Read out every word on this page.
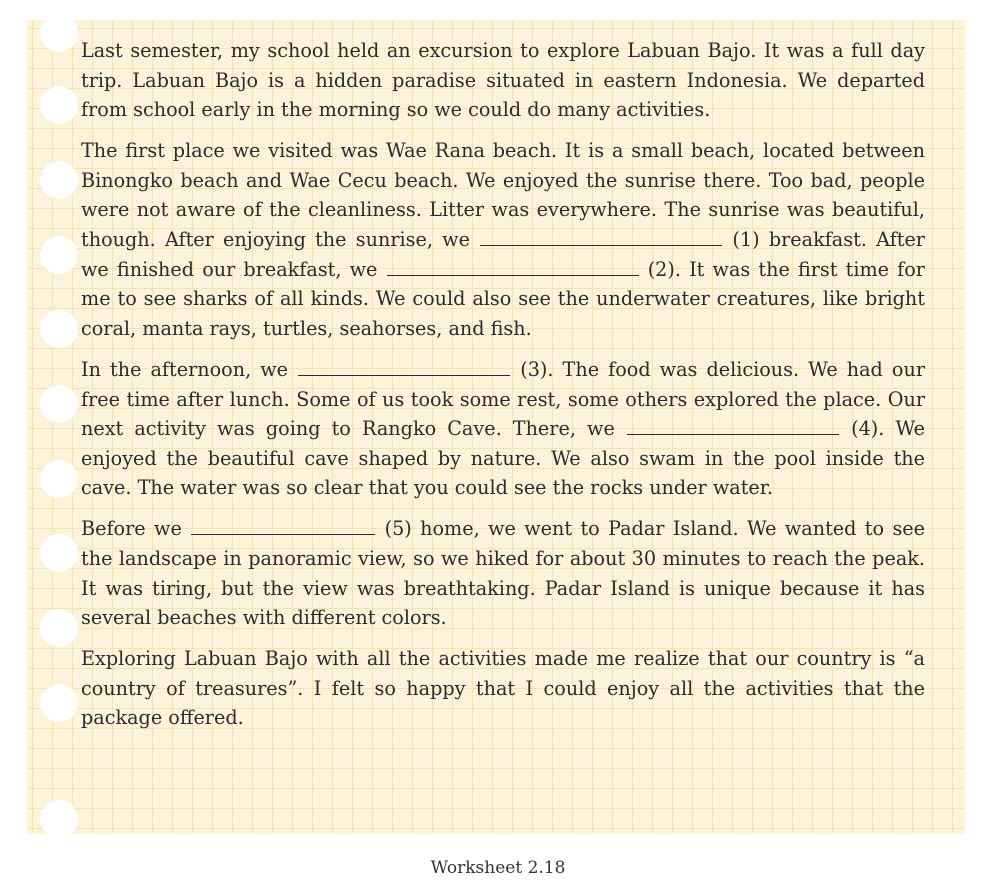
Last semester, my school held an excursion to explore Labuan Bajo. It was a full day trip. Labuan Bajo is a hidden paradise situated in eastern Indonesia. We departed from school early in the morning so we could do many activities.

The first place we visited was Wae Rana beach. It is a small beach, located between Binongko beach and Wae Cecu beach. We enjoyed the sunrise there. Too bad, people were not aware of the cleanliness. Litter was everywhere. The sunrise was beautiful, though. After enjoying the sunrise, we	(1) breakfast. After we finished our breakfast, we	(2). It was the first time for me to see sharks of all kinds. We could also see the underwater creatures, like bright coral, manta rays, turtles, seahorses, and fish.

In the afternoon, we	(3). The food was delicious. We had our free time after lunch. Some of us took some rest, some others explored the place. Our next activity was going to Rangko Cave. There, we	(4). We enjoyed the beautiful cave shaped by nature. We also swam in the pool inside the cave. The water was so clear that you could see the rocks under water.

Before we	(5) home, we went to Padar Island. We wanted to see the landscape in panoramic view, so we hiked for about 30 minutes to reach the peak. It was tiring, but the view was breathtaking. Padar Island is unique because it has several beaches with different colors.

Exploring Labuan Bajo with all the activities made me realize that our country is “a country of treasures”. I felt so happy that I could enjoy all the activities that the package offered.

Worksheet 2.18
